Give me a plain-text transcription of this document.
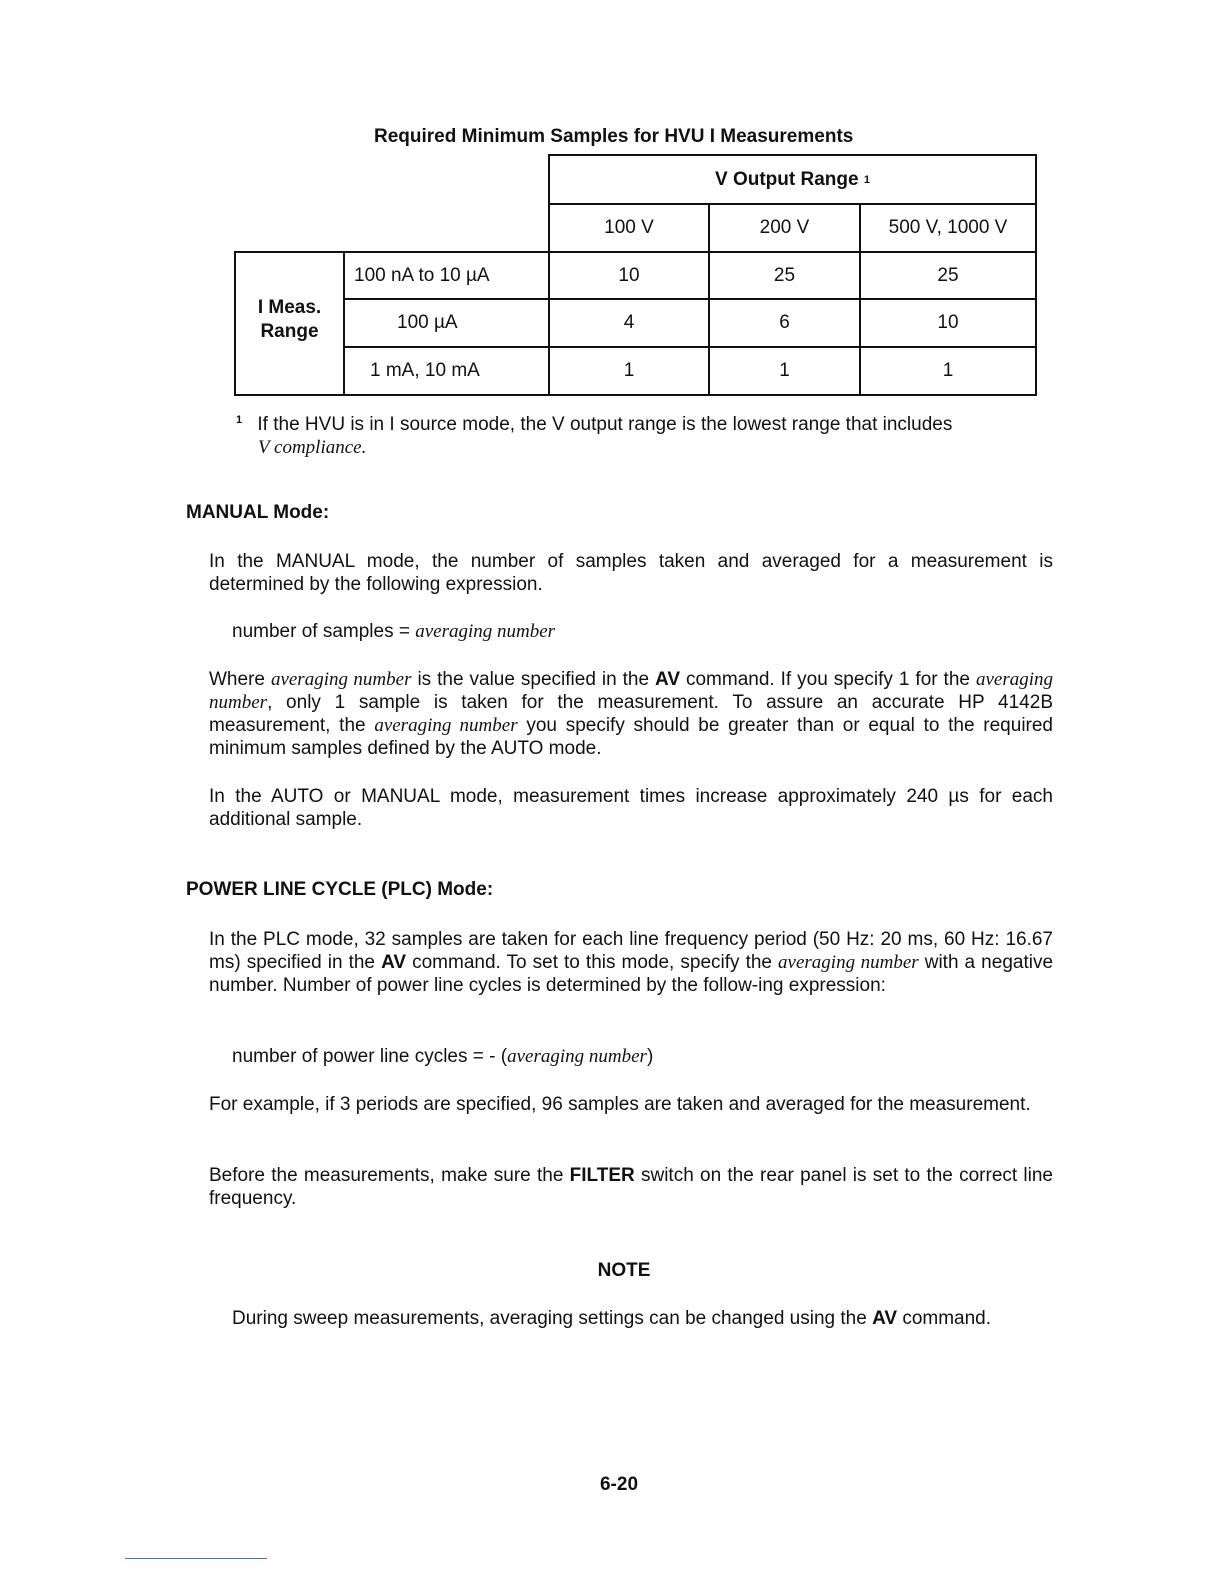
Required Minimum Samples for HVU I Measurements
V Output Range
1
100 V	200 V	500 V, 1000 V
I Meas.
Range
100 nA to 10 µA	10	25	25
100 µA	4	6	10
1 mA, 10 mA	1	1	1
$^1$ If the HVU is in I source mode, the V output range is the lowest range that includes
V compliance.
MANUAL Mode:
In the MANUAL mode, the number of samples taken and averaged for a measurement is determined by the following expression.
number of samples = averaging number
Where averaging number is the value specified in the AV command. If you specify 1 for the averaging number, only 1 sample is taken for the measurement. To assure an accurate HP 4142B measurement, the averaging number you specify should be greater than or equal to the required minimum samples defined by the AUTO mode.
In the AUTO or MANUAL mode, measurement times increase approximately 240 µs for each additional sample.
POWER LINE CYCLE (PLC) Mode:
In the PLC mode, 32 samples are taken for each line frequency period (50 Hz: 20 ms, 60 Hz: 16.67 ms) specified in the AV command. To set to this mode, specify the averaging number with a negative number. Number of power line cycles is determined by the follow-ing expression:
number of power line cycles = - (averaging number)
For example, if 3 periods are specified, 96 samples are taken and averaged for the measurement.
Before the measurements, make sure the FILTER switch on the rear panel is set to the correct line frequency.
NOTE
During sweep measurements, averaging settings can be changed using the AV command.
6-20
